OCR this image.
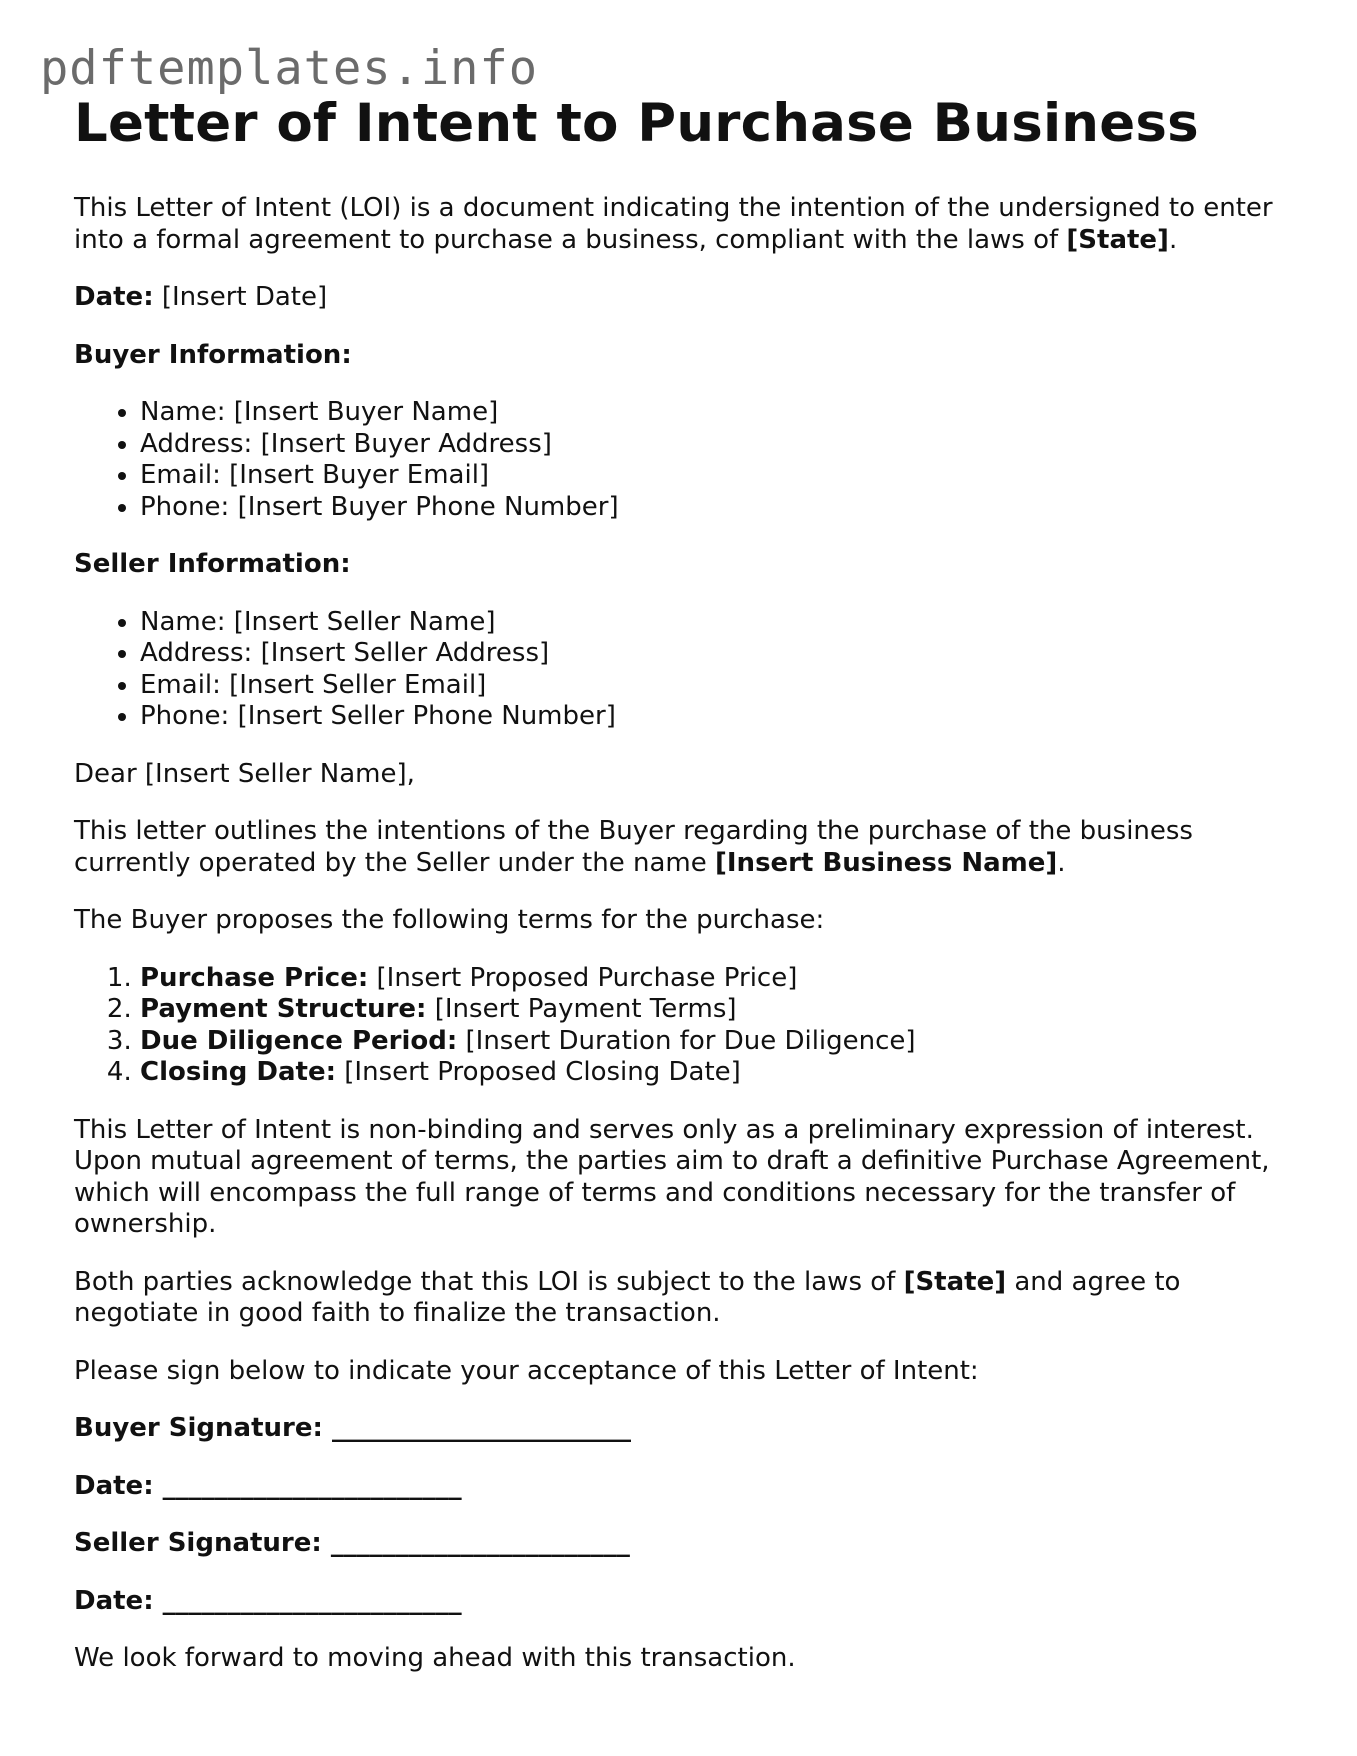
pdftemplates.info
Letter of Intent to Purchase Business

This Letter of Intent (LOI) is a document indicating the intention of the undersigned to enter into a formal agreement to purchase a business, compliant with the laws of [State].

Date: [Insert Date]

Buyer Information:

• Name: [Insert Buyer Name]
• Address: [Insert Buyer Address]
• Email: [Insert Buyer Email]
• Phone: [Insert Buyer Phone Number]

Seller Information:

• Name: [Insert Seller Name]
• Address: [Insert Seller Address]
• Email: [Insert Seller Email]
• Phone: [Insert Seller Phone Number]

Dear [Insert Seller Name],

This letter outlines the intentions of the Buyer regarding the purchase of the business currently operated by the Seller under the name [Insert Business Name].

The Buyer proposes the following terms for the purchase:

1. Purchase Price: [Insert Proposed Purchase Price]
2. Payment Structure: [Insert Payment Terms]
3. Due Diligence Period: [Insert Duration for Due Diligence]
4. Closing Date: [Insert Proposed Closing Date]

This Letter of Intent is non-binding and serves only as a preliminary expression of interest. Upon mutual agreement of terms, the parties aim to draft a definitive Purchase Agreement, which will encompass the full range of terms and conditions necessary for the transfer of ownership.

Both parties acknowledge that this LOI is subject to the laws of [State] and agree to negotiate in good faith to finalize the transaction.

Please sign below to indicate your acceptance of this Letter of Intent:

Buyer Signature: _______________________

Date: _______________________

Seller Signature: _______________________

Date: _______________________

We look forward to moving ahead with this transaction.
